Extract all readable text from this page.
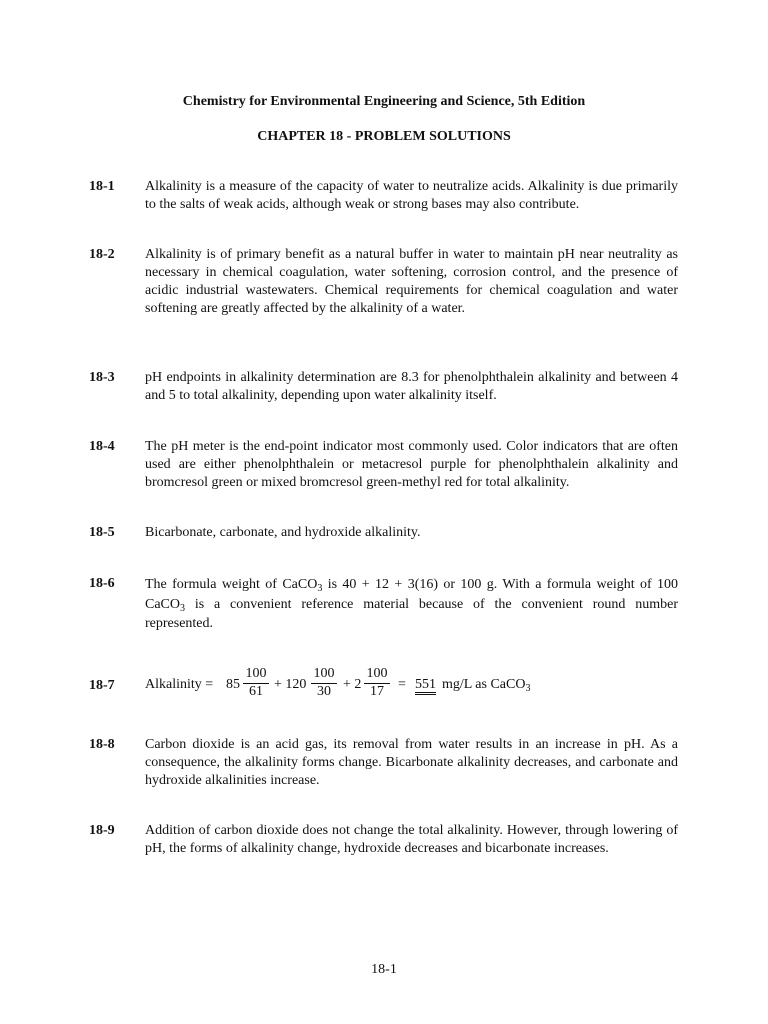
Chemistry for Environmental Engineering and Science, 5th Edition
CHAPTER 18 - PROBLEM SOLUTIONS
18-1 Alkalinity is a measure of the capacity of water to neutralize acids. Alkalinity is due primarily to the salts of weak acids, although weak or strong bases may also contribute.
18-2 Alkalinity is of primary benefit as a natural buffer in water to maintain pH near neutrality as necessary in chemical coagulation, water softening, corrosion control, and the presence of acidic industrial wastewaters. Chemical requirements for chemical coagulation and water softening are greatly affected by the alkalinity of a water.
18-3 pH endpoints in alkalinity determination are 8.3 for phenolphthalein alkalinity and between 4 and 5 to total alkalinity, depending upon water alkalinity itself.
18-4 The pH meter is the end-point indicator most commonly used. Color indicators that are often used are either phenolphthalein or metacresol purple for phenolphthalein alkalinity and bromcresol green or mixed bromcresol green-methyl red for total alkalinity.
18-5 Bicarbonate, carbonate, and hydroxide alkalinity.
18-6 The formula weight of CaCO$_3$ is 40 + 12 + 3(16) or 100 g. With a formula weight of 100 CaCO$_3$ is a convenient reference material because of the convenient round number represented.
18-7 Alkalinity = 85
100
61 + 120
100
30 + 2
100
17	= 551 mg/L as CaCO$_3$
18-8 Carbon dioxide is an acid gas, its removal from water results in an increase in pH. As a consequence, the alkalinity forms change. Bicarbonate alkalinity decreases, and carbonate and hydroxide alkalinities increase.
18-9 Addition of carbon dioxide does not change the total alkalinity. However, through lowering of pH, the forms of alkalinity change, hydroxide decreases and bicarbonate increases.
18-1
